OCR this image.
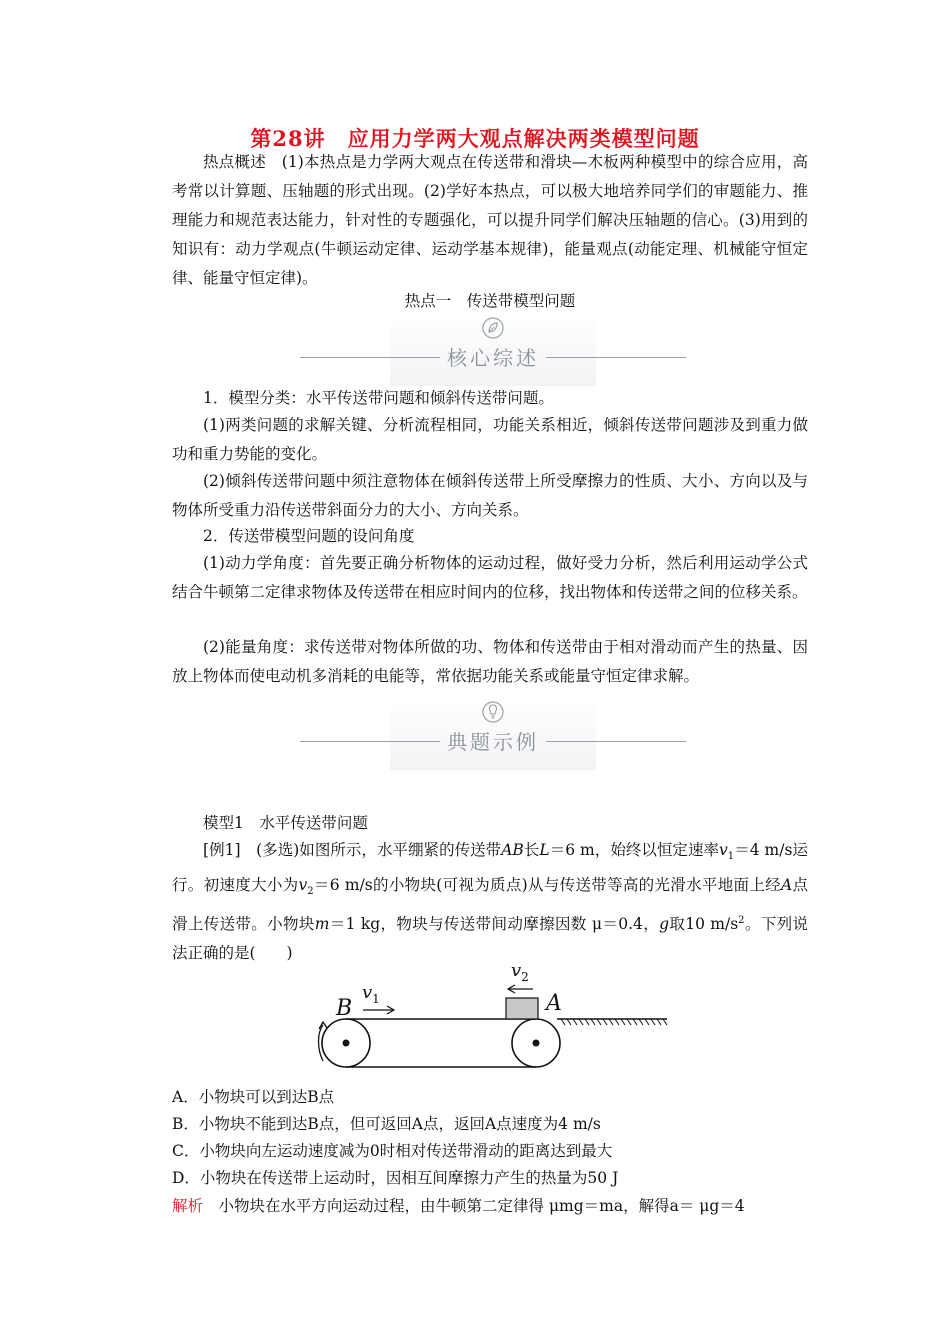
第28讲　应用力学两大观点解决两类模型问题
热点概述　(1)本热点是力学两大观点在传送带和滑块—木板两种模型中的综合应用，高考常以计算题、压轴题的形式出现。(2)学好本热点，可以极大地培养同学们的审题能力、推理能力和规范表达能力，针对性的专题强化，可以提升同学们解决压轴题的信心。(3)用到的知识有：动力学观点(牛顿运动定律、运动学基本规律)，能量观点(动能定理、机械能守恒定律、能量守恒定律)。
热点一　传送带模型问题
核心综述
1．模型分类：水平传送带问题和倾斜传送带问题。
(1)两类问题的求解关键、分析流程相同，功能关系相近，倾斜传送带问题涉及到重力做功和重力势能的变化。
(2)倾斜传送带问题中须注意物体在倾斜传送带上所受摩擦力的性质、大小、方向以及与物体所受重力沿传送带斜面分力的大小、方向关系。
2．传送带模型问题的设问角度
(1)动力学角度：首先要正确分析物体的运动过程，做好受力分析，然后利用运动学公式结合牛顿第二定律求物体及传送带在相应时间内的位移，找出物体和传送带之间的位移关系。
(2)能量角度：求传送带对物体所做的功、物体和传送带由于相对滑动而产生的热量、因放上物体而使电动机多消耗的电能等，常依据功能关系或能量守恒定律求解。
典题示例
模型1　水平传送带问题
[例1]　(多选)如图所示，水平绷紧的传送带AB长L＝6 m，始终以恒定速率$v_1=4$ m/s运行。初速度大小为$v_2=6$ m/s的小物块(可视为质点)从与传送带等高的光滑水平地面上经A点滑上传送带。小物块m＝1 kg，物块与传送带间动摩擦因数 μ＝0.4，g取10 $m/s^2$。下列说法正确的是(　　)
B	A
$v_1$
$v_2$
A．小物块可以到达B点
B．小物块不能到达B点，但可返回A点，返回A点速度为4 m/s
C．小物块向左运动速度减为0时相对传送带滑动的距离达到最大
D．小物块在传送带上运动时，因相互间摩擦力产生的热量为50 J
解析　小物块在水平方向运动过程，由牛顿第二定律得 μmg＝ma，解得a＝ μg＝4
